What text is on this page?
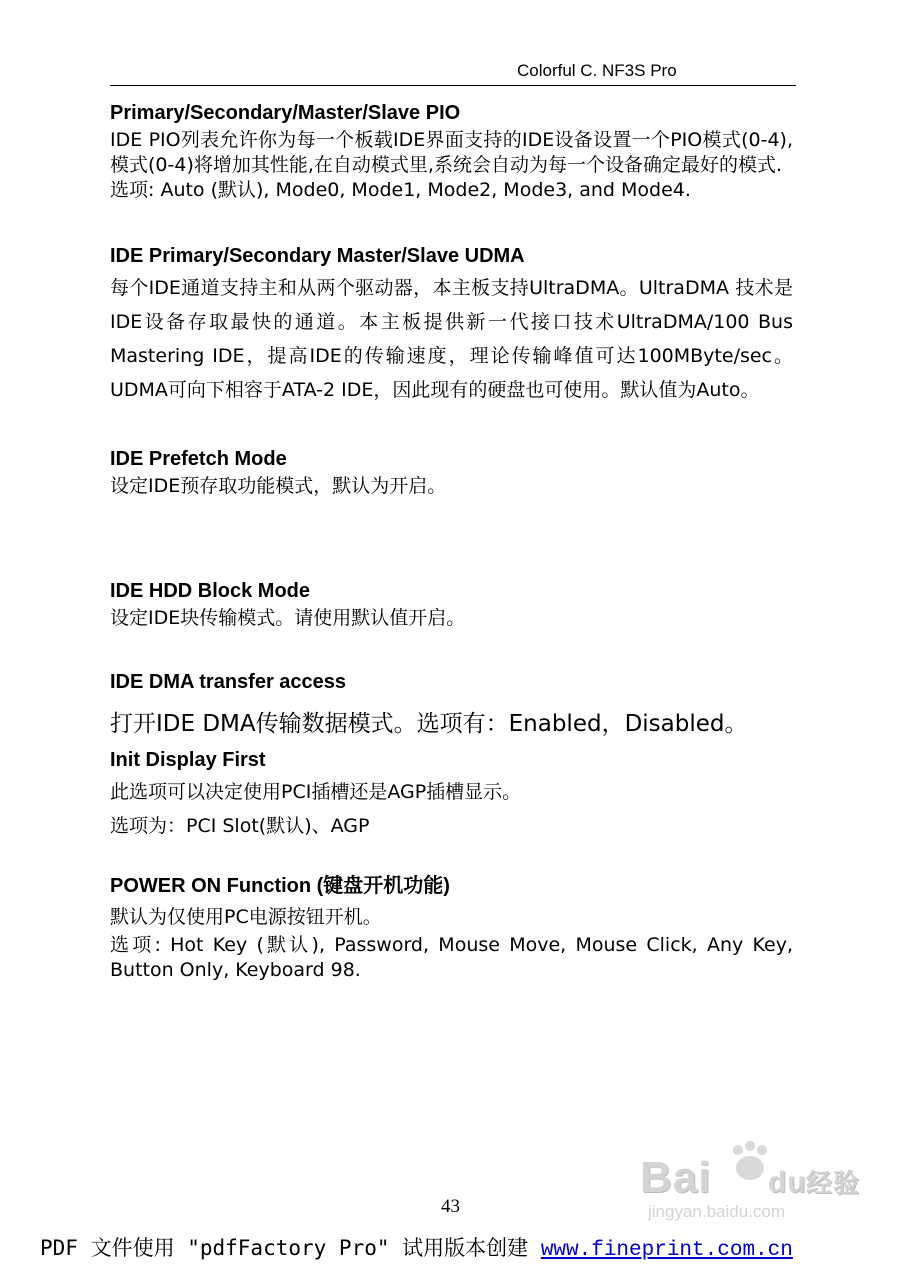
Colorful C. NF3S Pro
Primary/Secondary/Master/Slave PIO

IDE PIO列表允许你为每一个板载IDE界面支持的IDE设备设置一个PIO模式(0-4),模式(0-4)将增加其性能,在自动模式里,系统会自动为每一个设备确定最好的模式.

选项: Auto (默认), Mode0, Mode1, Mode2, Mode3, and Mode4.

IDE Primary/Secondary Master/Slave UDMA

每个IDE通道支持主和从两个驱动器，本主板支持UltraDMA。UltraDMA 技术是IDE设备存取最快的通道。本主板提供新一代接口技术UltraDMA/100 Bus Mastering IDE，提高IDE的传输速度，理论传输峰值可达100MByte/sec。UDMA可向下相容于ATA-2 IDE，因此现有的硬盘也可使用。默认值为Auto。

IDE Prefetch Mode

设定IDE预存取功能模式，默认为开启。

IDE HDD Block Mode

设定IDE块传输模式。请使用默认值开启。

IDE DMA transfer access

打开IDE DMA传输数据模式。选项有：Enabled，Disabled。

Init Display First

此选项可以决定使用PCI插槽还是AGP插槽显示。

选项为：PCI Slot(默认)、AGP

POWER ON Function (键盘开机功能)

默认为仅使用PC电源按钮开机。

选项: Hot Key (默认), Password, Mouse Move, Mouse Click, Any Key, Button Only, Keyboard 98.

Bai du 经验
jingyan.baidu.com
43
PDF 文件使用 "pdfFactory Pro" 试用版本创建 www.fineprint.com.cn
